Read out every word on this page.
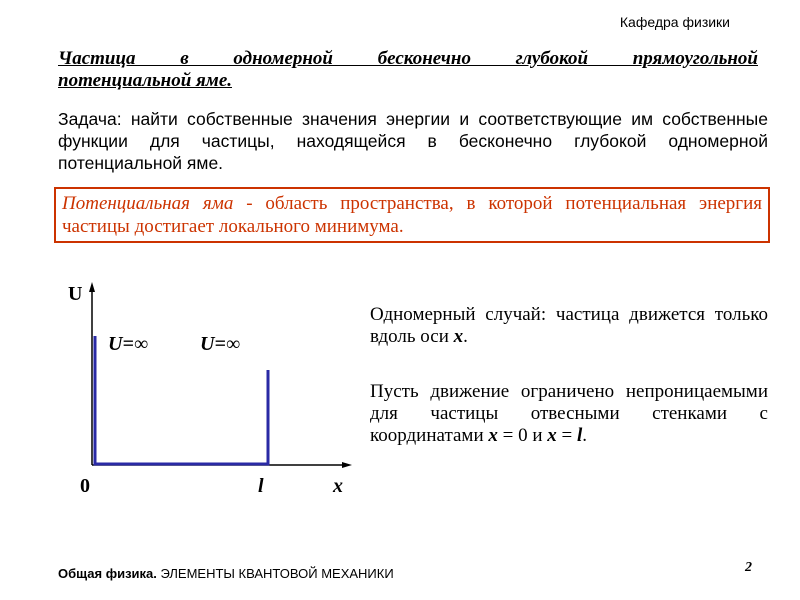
Кафедра физики
Частица в одномерной бесконечно глубокой прямоугольной
потенциальной яме.
Задача: найти собственные значения энергии и соответствующие им собственные функции для частицы, находящейся в бесконечно глубокой одномерной потенциальной яме.
Потенциальная яма - область пространства, в которой потенциальная энергия частицы достигает локального минимума.
U
x
0	l
U=∞	U=∞
Одномерный случай: частица движется только вдоль оси x.
Пусть движение ограничено непроницаемыми для частицы отвесными стенками с координатами x = 0 и x = l.
Общая физика. ЭЛЕМЕНТЫ КВАНТОВОЙ МЕХАНИКИ	2
